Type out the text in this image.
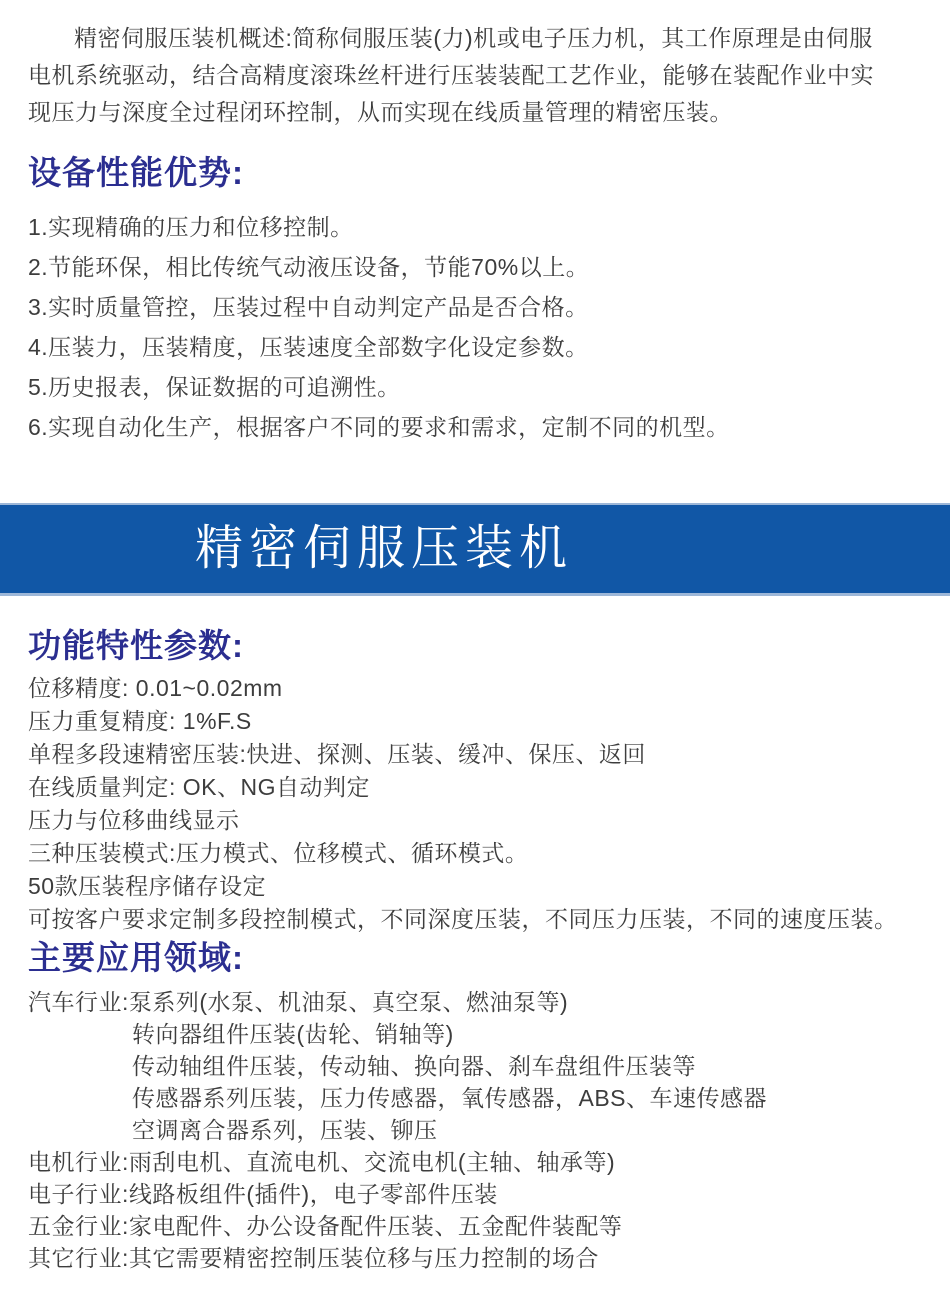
精密伺服压装机概述:简称伺服压装(力)机或电子压力机，其工作原理是由伺服
电机系统驱动，结合高精度滚珠丝杆进行压装装配工艺作业，能够在装配作业中实
现压力与深度全过程闭环控制，从而实现在线质量管理的精密压装。
设备性能优势:
1.实现精确的压力和位移控制。
2.节能环保，相比传统气动液压设备，节能70%以上。
3.实时质量管控，压装过程中自动判定产品是否合格。
4.压装力，压装精度，压装速度全部数字化设定参数。
5.历史报表，保证数据的可追溯性。
6.实现自动化生产，根据客户不同的要求和需求，定制不同的机型。
精密伺服压装机
功能特性参数:
位移精度: 0.01~0.02mm
压力重复精度: 1%F.S
单程多段速精密压装:快进、探测、压装、缓冲、保压、返回
在线质量判定: OK、NG自动判定
压力与位移曲线显示
三种压装模式:压力模式、位移模式、循环模式。
50款压装程序储存设定
可按客户要求定制多段控制模式，不同深度压装，不同压力压装，不同的速度压装。
主要应用领域:
汽车行业:泵系列(水泵、机油泵、真空泵、燃油泵等)
转向器组件压装(齿轮、销轴等)
传动轴组件压装，传动轴、换向器、刹车盘组件压装等
传感器系列压装，压力传感器，氧传感器，ABS、车速传感器
空调离合器系列，压装、铆压
电机行业:雨刮电机、直流电机、交流电机(主轴、轴承等)
电子行业:线路板组件(插件)，电子零部件压装
五金行业:家电配件、办公设备配件压装、五金配件装配等
其它行业:其它需要精密控制压装位移与压力控制的场合
